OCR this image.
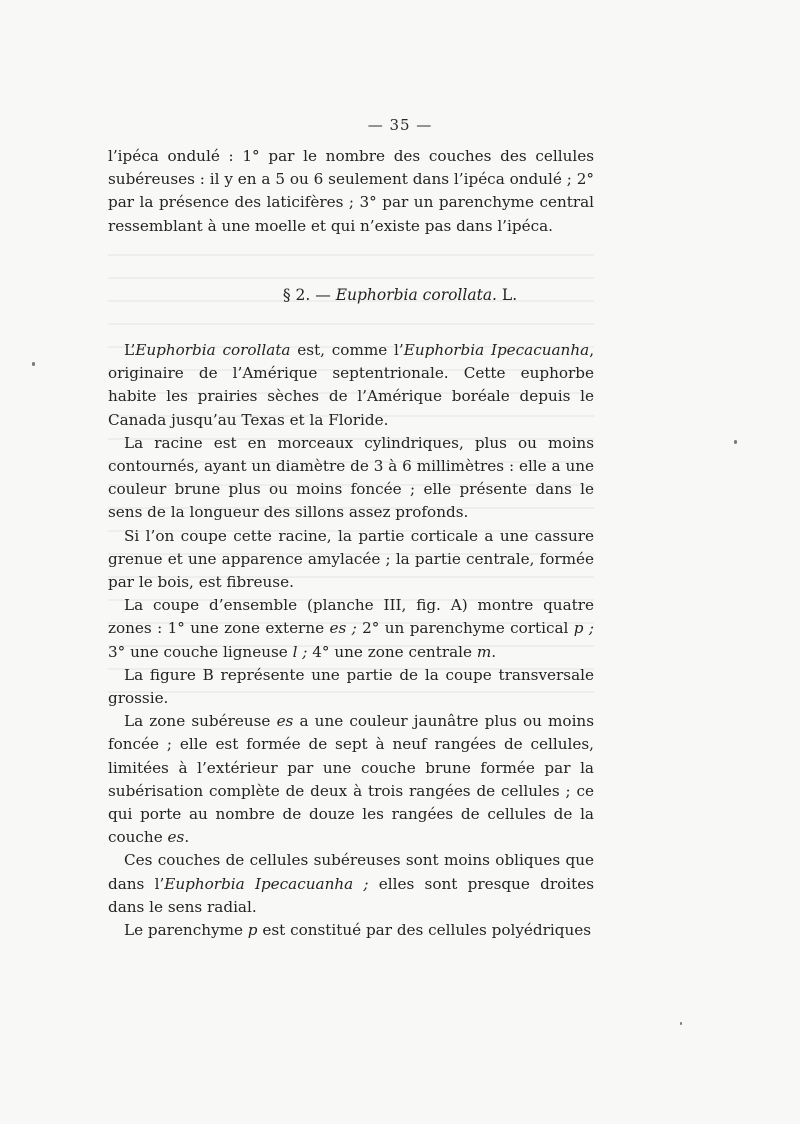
— 35 —

l’ipéca ondulé : 1° par le nombre des couches des cellules subéreuses : il y en a 5 ou 6 seulement dans l’ipéca ondulé ; 2° par la présence des laticifères ; 3° par un parenchyme central ressemblant à une moelle et qui n’existe pas dans l’ipéca.

§ 2. — Euphorbia corollata. L.

L’Euphorbia corollata est, comme l’Euphorbia Ipecacuanha, originaire de l’Amérique septentrionale. Cette euphorbe habite les prairies sèches de l’Amérique boréale depuis le Canada jusqu’au Texas et la Floride.

La racine est en morceaux cylindriques, plus ou moins contournés, ayant un diamètre de 3 à 6 millimètres : elle a une couleur brune plus ou moins foncée ; elle présente dans le sens de la longueur des sillons assez profonds.

Si l’on coupe cette racine, la partie corticale a une cassure grenue et une apparence amylacée ; la partie centrale, formée par le bois, est fibreuse.

La coupe d’ensemble (planche III, fig. A) montre quatre zones : 1° une zone externe es ; 2° un parenchyme cortical p ; 3° une couche ligneuse l ; 4° une zone centrale m.

La figure B représente une partie de la coupe transversale grossie.

La zone subéreuse es a une couleur jaunâtre plus ou moins foncée ; elle est formée de sept à neuf rangées de cellules, limitées à l’extérieur par une couche brune formée par la subérisation complète de deux à trois rangées de cellules ; ce qui porte au nombre de douze les rangées de cellules de la couche es.

Ces couches de cellules subéreuses sont moins obliques que dans l’Euphorbia Ipecacuanha ; elles sont presque droites dans le sens radial.

Le parenchyme p est constitué par des cellules polyédriques
